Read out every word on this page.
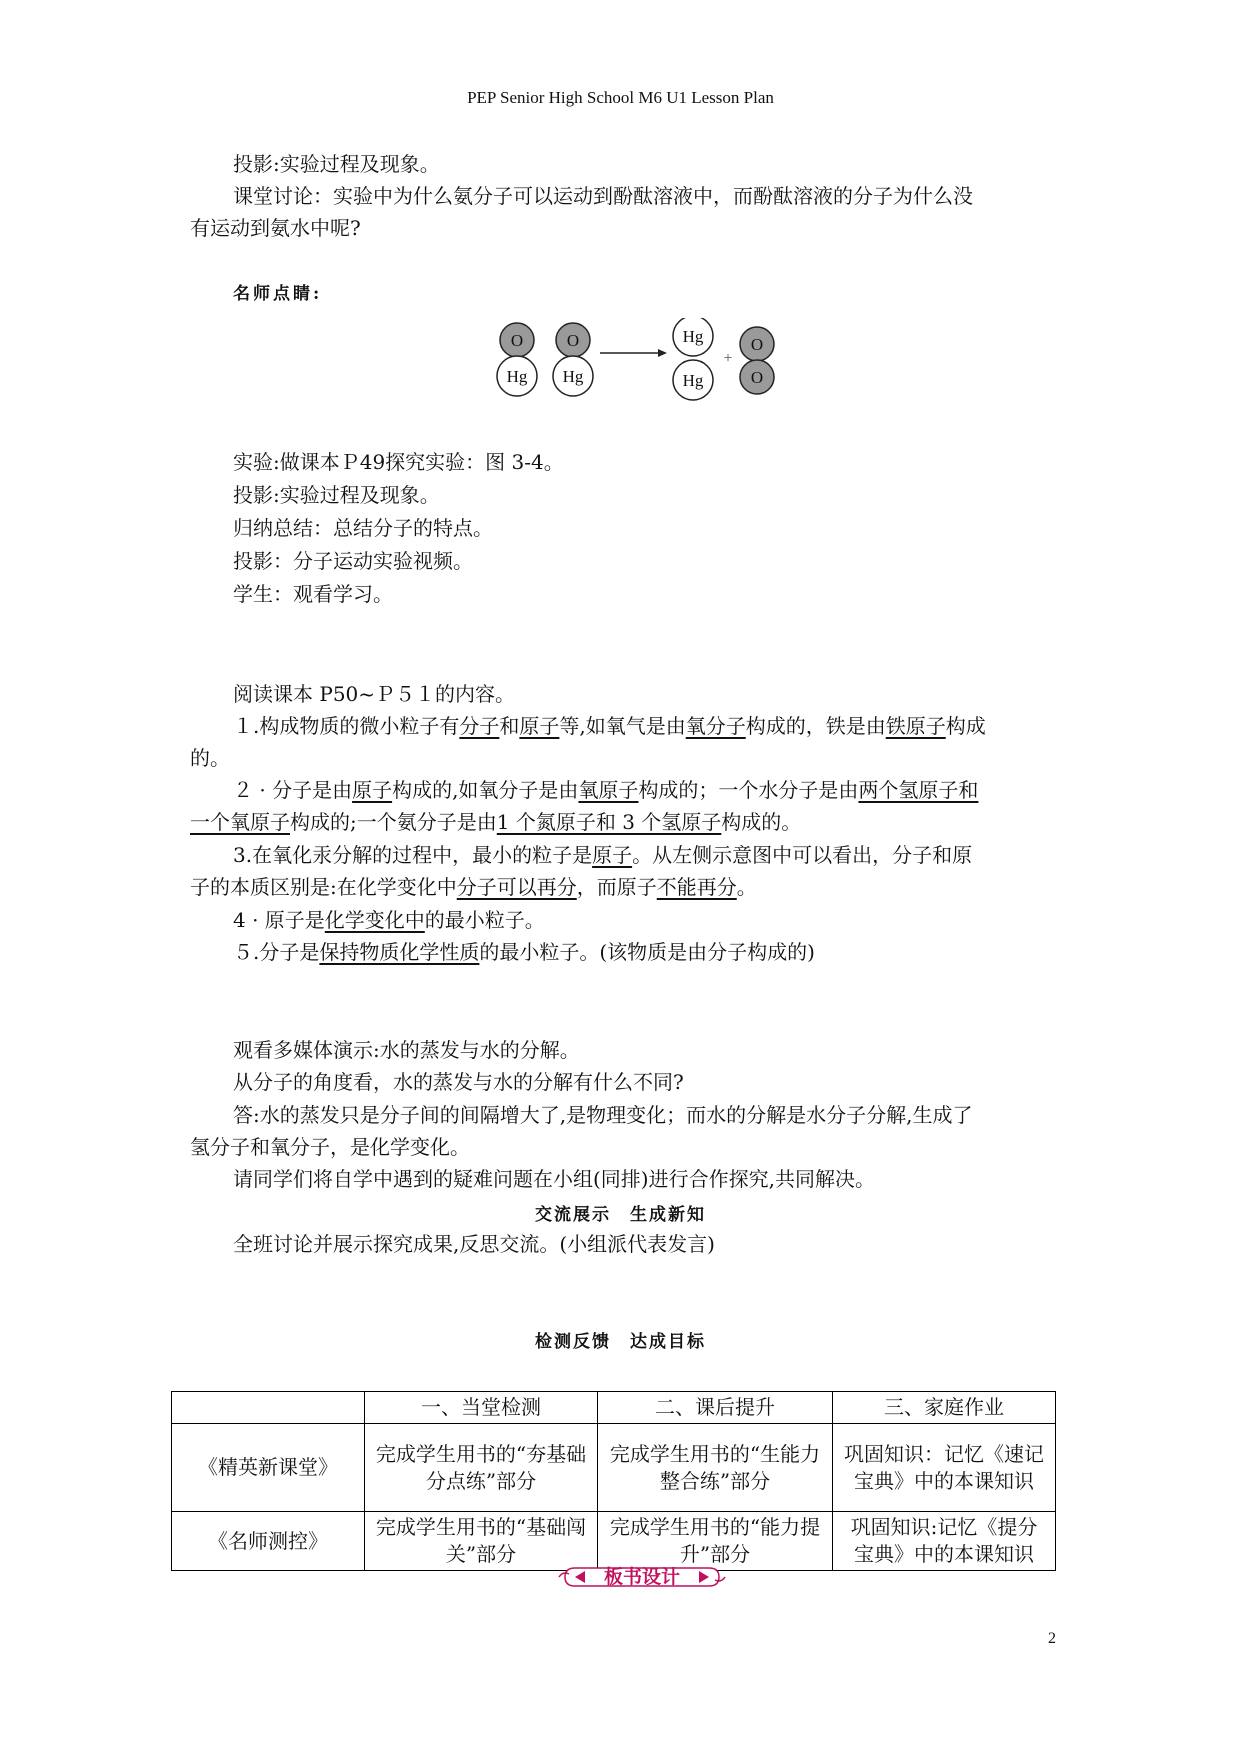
PEP Senior High School M6 U1 Lesson Plan
投影:实验过程及现象。
课堂讨论：实验中为什么氨分子可以运动到酚酞溶液中，而酚酞溶液的分子为什么没
有运动到氨水中呢?
名师点睛:
O
Hg
O
Hg
Hg
Hg
+
O
O
实验:做课本Ｐ49探究实验：图 3-4。
投影:实验过程及现象。
归纳总结：总结分子的特点。
投影：分子运动实验视频。
学生：观看学习。
阅读课本 P50~Ｐ５１的内容。
１.构成物质的微小粒子有分子和原子等,如氧气是由氧分子构成的，铁是由铁原子构成
的。
２ · 分子是由原子构成的,如氧分子是由氧原子构成的；一个水分子是由两个氢原子和
一个氧原子构成的;一个氨分子是由1 个氮原子和 3 个氢原子构成的。
3.在氧化汞分解的过程中，最小的粒子是原子。从左侧示意图中可以看出，分子和原
子的本质区别是:在化学变化中分子可以再分，而原子不能再分。
4 · 原子是化学变化中的最小粒子。
５.分子是保持物质化学性质的最小粒子。(该物质是由分子构成的)
观看多媒体演示:水的蒸发与水的分解。
从分子的角度看，水的蒸发与水的分解有什么不同?
答:水的蒸发只是分子间的间隔增大了,是物理变化；而水的分解是水分子分解,生成了
氢分子和氧分子，是化学变化。
请同学们将自学中遇到的疑难问题在小组(同排)进行合作探究,共同解决。
交流展示　生成新知
全班讨论并展示探究成果,反思交流。(小组派代表发言)
检测反馈　达成目标
	一、当堂检测	二、课后提升	三、家庭作业
《精英新课堂》	完成学生用书的“夯基础　分点练”部分	完成学生用书的“生能力 整合练”部分	巩固知识：记忆《速记宝典》中的本课知识
《名师测控》	完成学生用书的“基础闯关”部分	完成学生用书的“能力提升”部分	巩固知识:记忆《提分宝典》中的本课知识
板书设计
2
